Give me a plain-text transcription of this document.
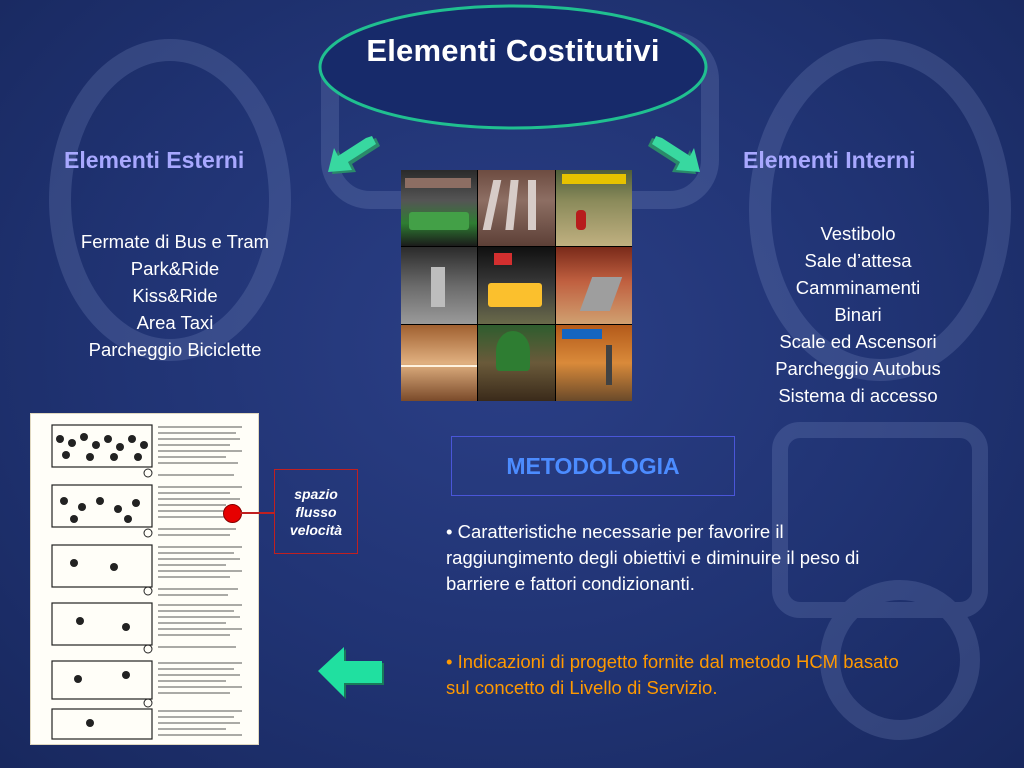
Elementi Costitutivi
Elementi Esterni
Fermate di Bus e Tram
Park&Ride
Kiss&Ride
Area Taxi
Parcheggio Biciclette
Elementi Interni
Vestibolo
Sale d’attesa
Camminamenti
Binari
Scale ed Ascensori
Parcheggio Autobus
Sistema di accesso
spazio
flusso
velocità
METODOLOGIA
• Caratteristiche necessarie per favorire il raggiungimento degli obiettivi e diminuire il peso di barriere e fattori condizionanti.
• Indicazioni di progetto fornite dal metodo HCM basato sul concetto di Livello di Servizio.
